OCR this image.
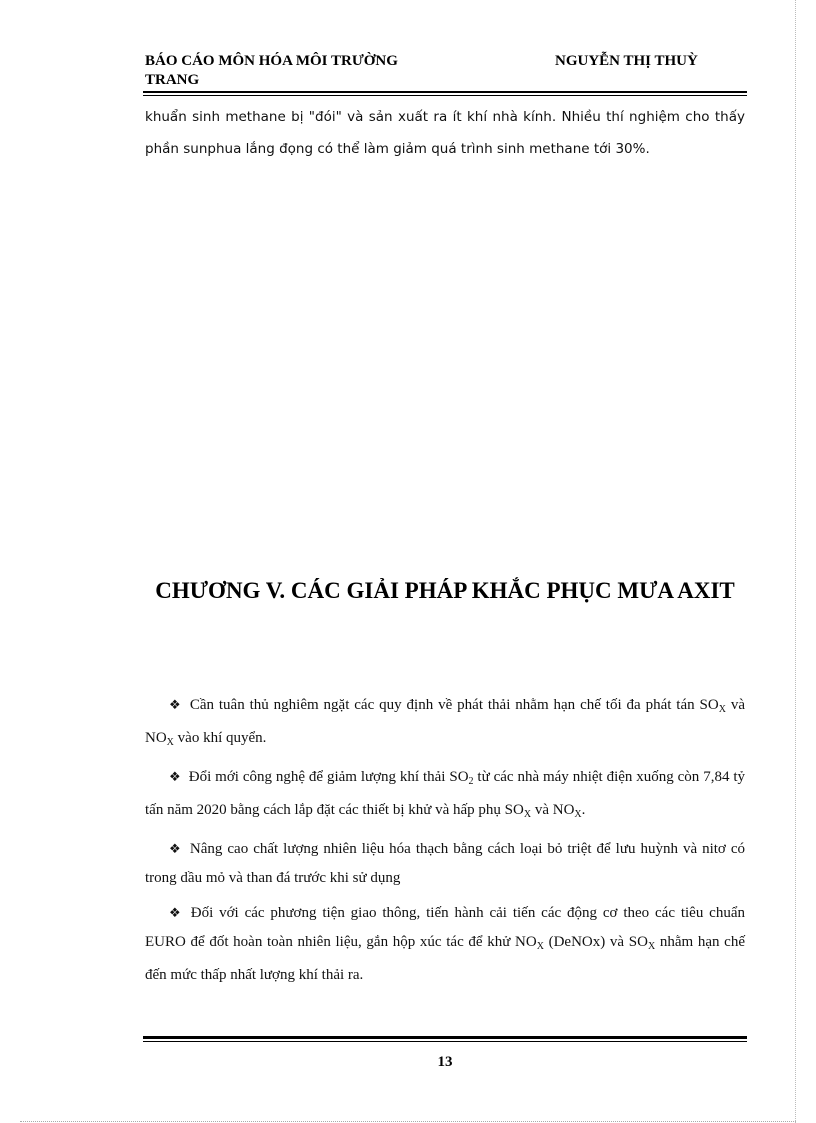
BÁO CÁO MÔN HÓA MÔI TRƯỜNG
TRANG
NGUYỄN THỊ THUỲ
khuẩn sinh methane bị "đói" và sản xuất ra ít khí nhà kính. Nhiều thí nghiệm cho thấy phần sunphua lắng đọng có thể làm giảm quá trình sinh methane tới 30%.
CHƯƠNG V. CÁC GIẢI PHÁP KHẮC PHỤC MƯA AXIT

❖ Cần tuân thủ nghiêm ngặt các quy định về phát thải nhằm hạn chế tối đa phát tán $SO_X$ và $NO_X$ vào khí quyển.

❖ Đổi mới công nghệ để giảm lượng khí thải $SO_2$ từ các nhà máy nhiệt điện xuống còn 7,84 tỷ tấn năm 2020 bằng cách lắp đặt các thiết bị khử và hấp phụ $SO_X$ và $NO_X$.

❖ Nâng cao chất lượng nhiên liệu hóa thạch bằng cách loại bỏ triệt để lưu huỳnh và nitơ có trong dầu mỏ và than đá trước khi sử dụng

❖ Đối với các phương tiện giao thông, tiến hành cải tiến các động cơ theo các tiêu chuẩn EURO để đốt hoàn toàn nhiên liệu, gắn hộp xúc tác để khử $NO_X$ (DeNOx) và $SO_X$ nhằm hạn chế đến mức thấp nhất lượng khí thải ra.

13
